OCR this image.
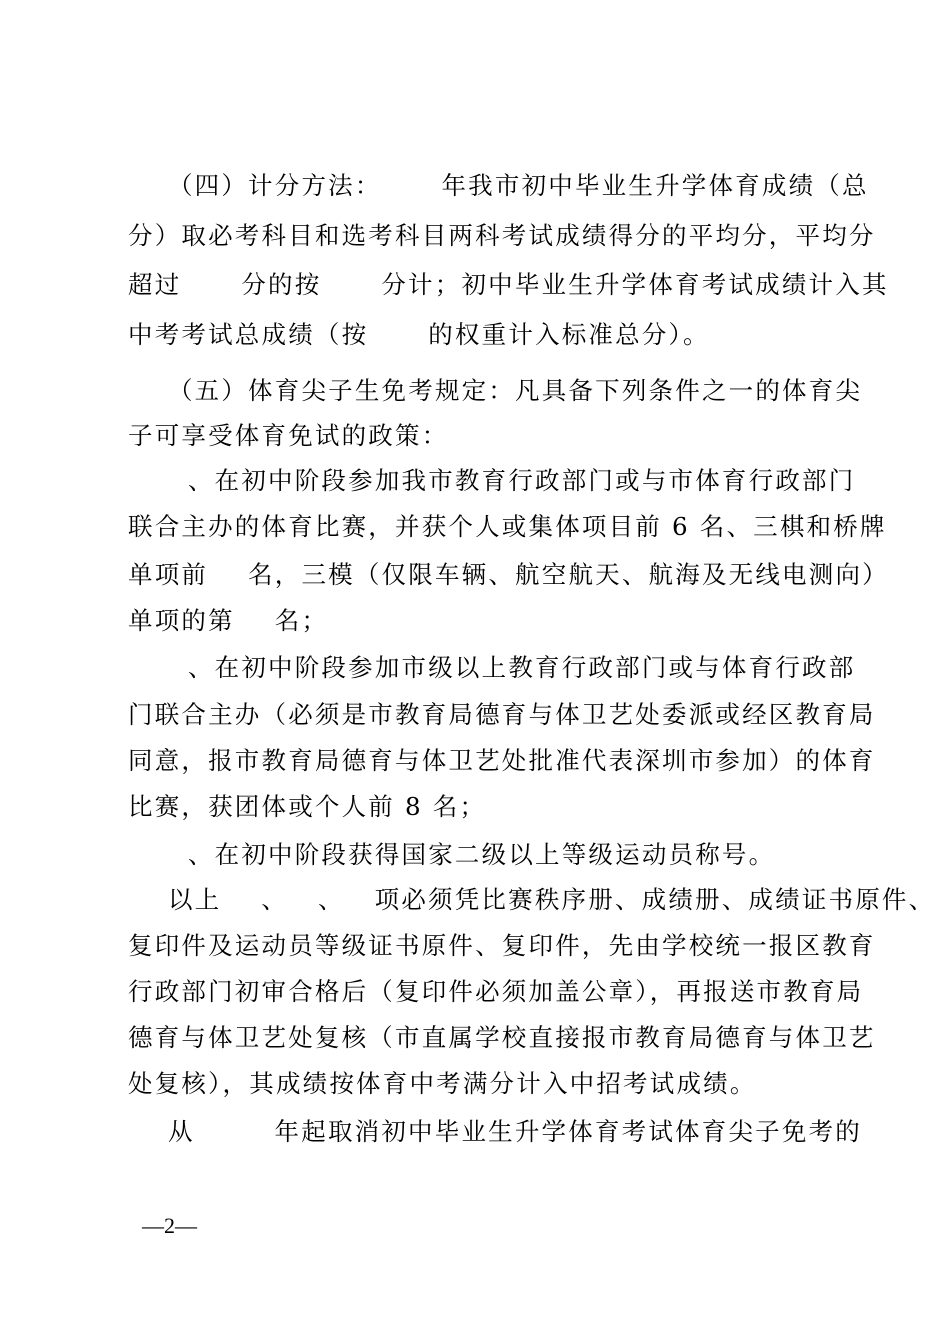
（四）计分方法：      年我市初中毕业生升学体育成绩（总
分）取必考科目和选考科目两科考试成绩得分的平均分，平均分
超过      分的按      分计；初中毕业生升学体育考试成绩计入其
中考考试总成绩（按      的权重计入标准总分）。
（五）体育尖子生免考规定：凡具备下列条件之一的体育尖
子可享受体育免试的政策：
、在初中阶段参加我市教育行政部门或与市体育行政部门
联合主办的体育比赛，并获个人或集体项目前 6 名、三棋和桥牌
单项前    名，三模（仅限车辆、航空航天、航海及无线电测向）
单项的第    名；
、在初中阶段参加市级以上教育行政部门或与体育行政部
门联合主办（必须是市教育局德育与体卫艺处委派或经区教育局
同意，报市教育局德育与体卫艺处批准代表深圳市参加）的体育
比赛，获团体或个人前 8 名；
、在初中阶段获得国家二级以上等级运动员称号。
以上    、   、   项必须凭比赛秩序册、成绩册、成绩证书原件、
复印件及运动员等级证书原件、复印件，先由学校统一报区教育
行政部门初审合格后（复印件必须加盖公章），再报送市教育局
德育与体卫艺处复核（市直属学校直接报市教育局德育与体卫艺
处复核），其成绩按体育中考满分计入中招考试成绩。
从        年起取消初中毕业生升学体育考试体育尖子免考的
—2—
